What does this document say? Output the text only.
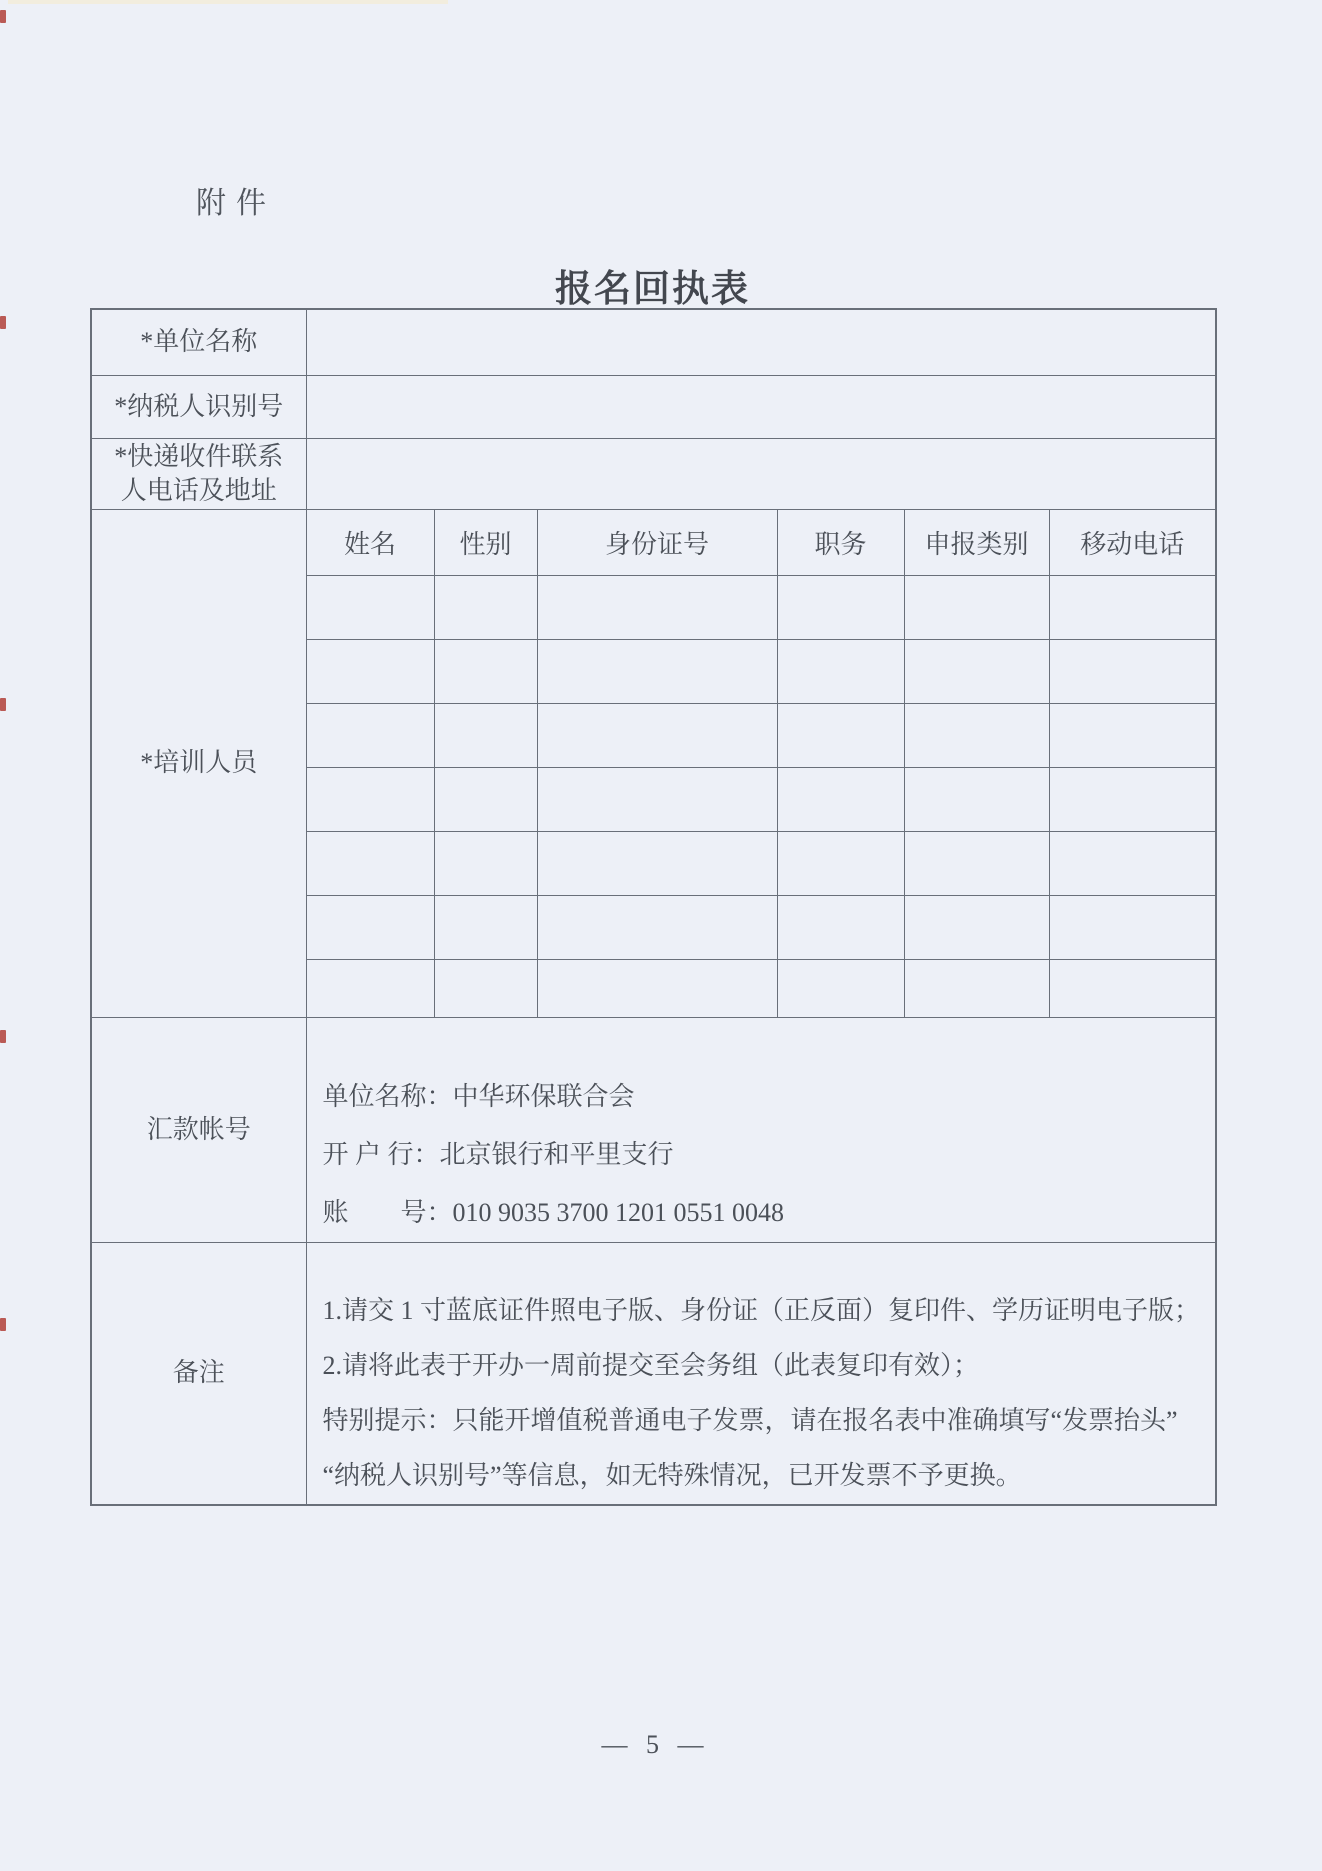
附件
报名回执表
*单位名称						
*纳税人识别号						

*快递收件联系
人电话及地址						

*培训人员	姓名	性别	身份证号	职务	申报类别	移动电话

汇款帐号	单位名称：中华环保联合会
开 户 行：北京银行和平里支行
账　　号：010 9035 3700 1201 0551 0048					

备注	1.请交 1 寸蓝底证件照电子版、身份证（正反面）复印件、学历证明电子版；
2.请将此表于开办一周前提交至会务组（此表复印有效）；
特别提示：只能开增值税普通电子发票，请在报名表中准确填写“发票抬头”
“纳税人识别号”等信息，如无特殊情况，已开发票不予更换。					
— 5 —
